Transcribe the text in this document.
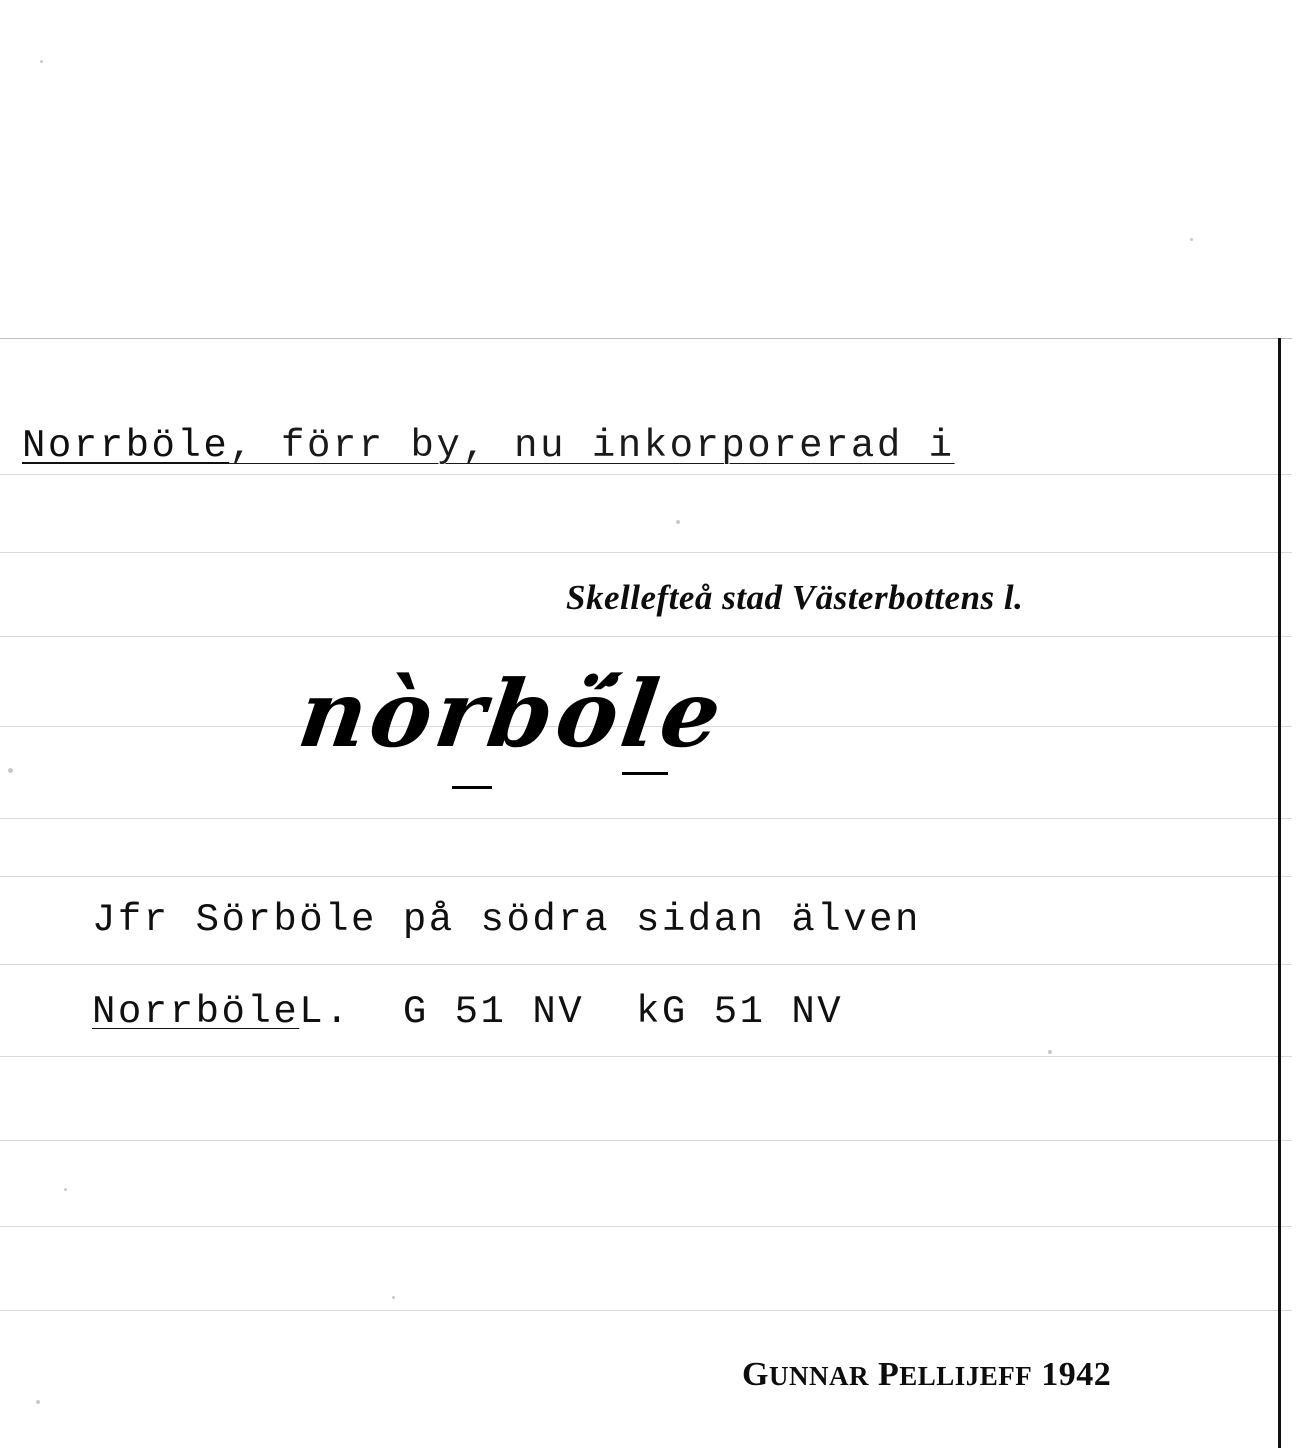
Norrböle, förr by, nu inkorporerad i
Skellefteå stad Västerbottens l.
nòrbö́le
Jfr Sörböle på södra sidan älven
NorrböleL.  G 51 NV  kG 51 NV
GUNNAR PELLIJEFF 1942
